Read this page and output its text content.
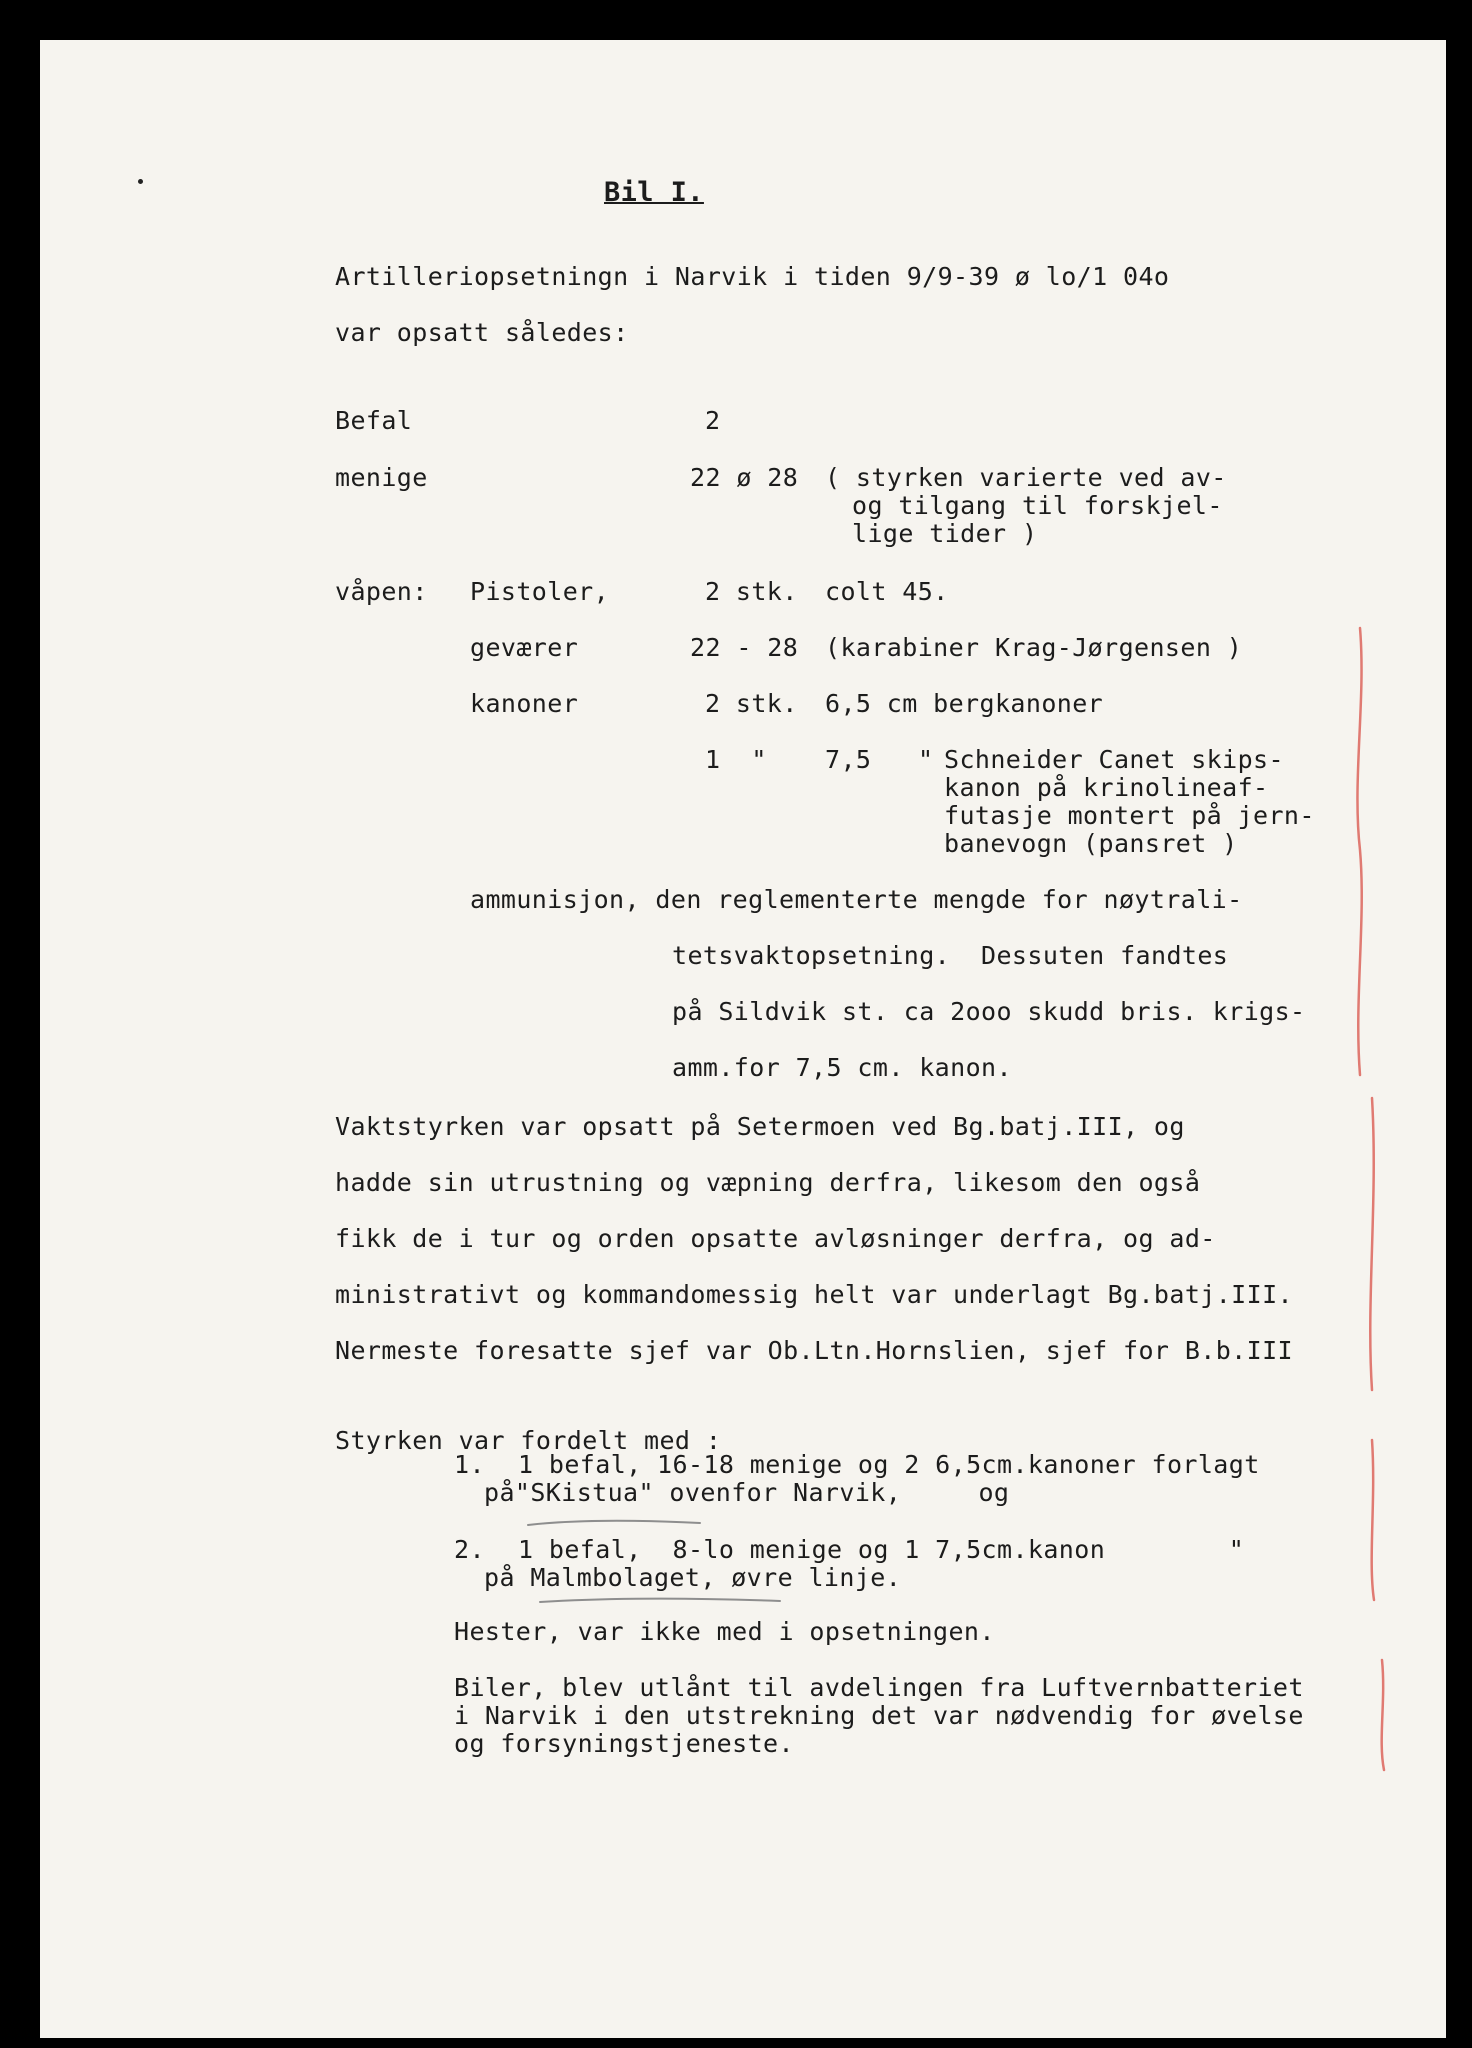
Bil I.
Artilleriopsetningn i Narvik i tiden 9/9-39 ø lo/1 04o
var opsatt således:
Befal	2
menige	22 ø 28 ( styrken varierte ved av-
og tilgang til forskjel-
lige tider )
våpen: Pistoler,	2 stk. colt 45.
geværer	22 - 28 (karabiner Krag-Jørgensen )
kanoner	2 stk. 6,5 cm bergkanoner
1  " 7,5 " Schneider Canet skips-
kanon på krinolineaf-
futasje montert på jern-
banevogn (pansret )
ammunisjon, den reglementerte mengde for nøytrali-
tetsvaktopsetning.  Dessuten fandtes
på Sildvik st. ca 2ooo skudd bris. krigs-
amm.for 7,5 cm. kanon.
Vaktstyrken var opsatt på Setermoen ved Bg.batj.III, og
hadde sin utrustning og væpning derfra, likesom den også
fikk de i tur og orden opsatte avløsninger derfra, og ad-
ministrativt og kommandomessig helt var underlagt Bg.batj.III.
Nermeste foresatte sjef var Ob.Ltn.Hornslien, sjef for B.b.III
Styrken var fordelt med :
1. 1 befal, 16-18 menige og 2 6,5cm.kanoner forlagt
på"SKistua" ovenfor Narvik,     og
2. 1 befal,  8-lo menige og 1 7,5cm.kanon        "
på Malmbolaget, øvre linje.
Hester, var ikke med i opsetningen.
Biler, blev utlånt til avdelingen fra Luftvernbatteriet
i Narvik i den utstrekning det var nødvendig for øvelse
og forsyningstjeneste.
